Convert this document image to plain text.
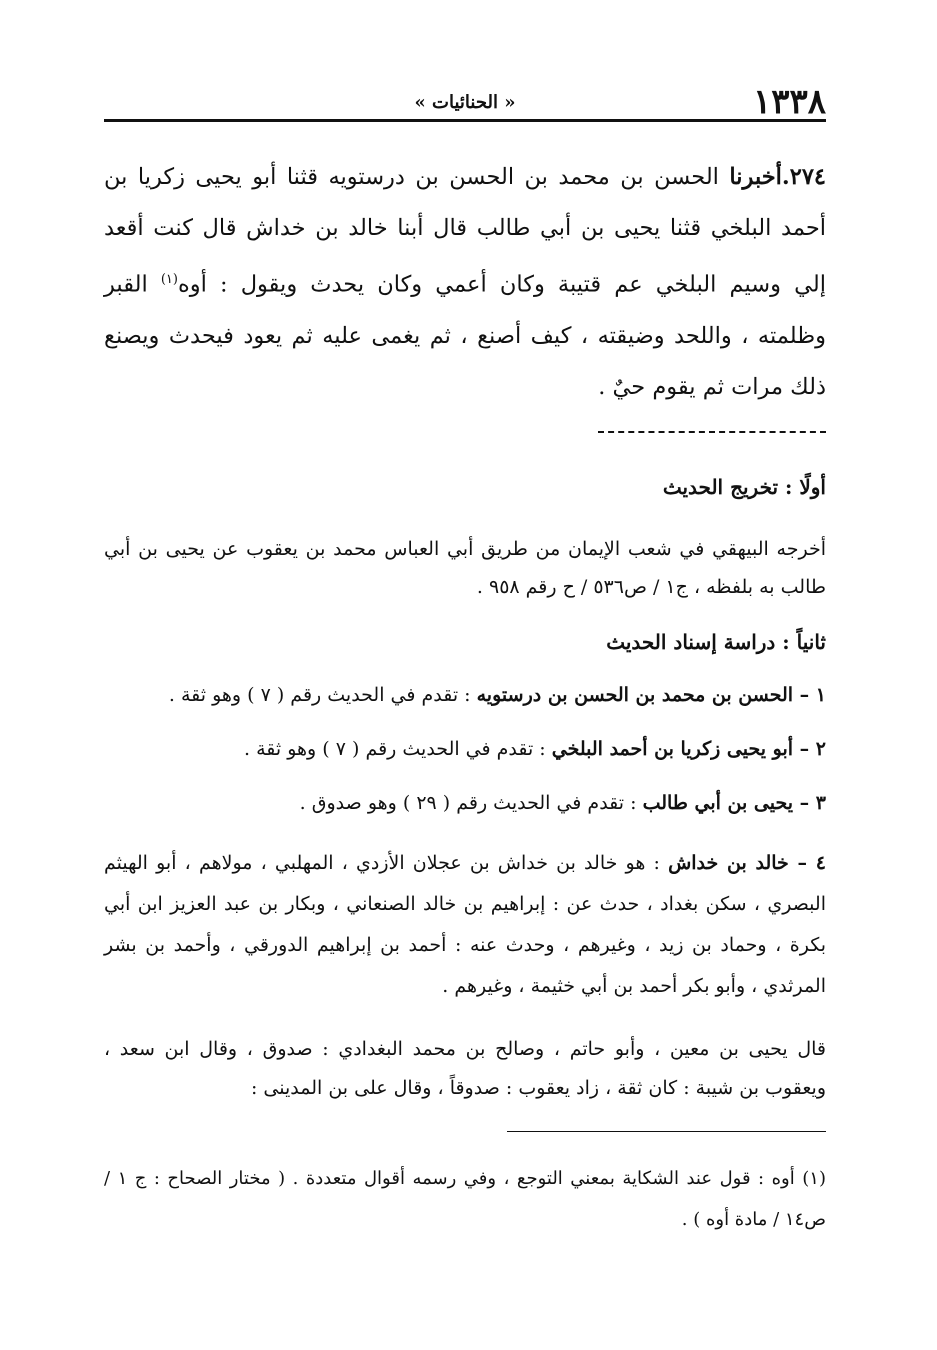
١٣٣٨
« الحنائيات »
٢٧٤.أخبرنا الحسن بن محمد بن الحسن بن درستويه قثنا أبو يحيى زكريا بن أحمد البلخي قثنا يحيى بن أبي طالب قال أبنا خالد بن خداش قال كنت أقعد إلي وسيم البلخي عم قتيبة وكان أعمي وكان يحدث ويقول : أوه$^{(١)}$ القبر وظلمته ، واللحد وضيقته ، كيف أصنع ، ثم يغمى عليه ثم يعود فيحدث ويصنع ذلك مرات ثم يقوم حيٌ .
أولًا : تخريج الحديث
أخرجه البيهقي في شعب الإيمان من طريق أبي العباس محمد بن يعقوب عن يحيى بن أبي طالب به بلفظه ، ج١ / ص٥٣٦ / ح رقم ٩٥٨ .
ثانياً : دراسة إسناد الحديث
١ – الحسن بن محمد بن الحسن بن درستويه : تقدم في الحديث رقم ( ٧ ) وهو ثقة .
٢ – أبو يحيى زكريا بن أحمد البلخي : تقدم في الحديث رقم ( ٧ ) وهو ثقة .
٣ – يحيى بن أبي طالب : تقدم في الحديث رقم ( ٢٩ ) وهو صدوق .
٤ – خالد بن خداش : هو خالد بن خداش بن عجلان الأزدي ، المهلبي ، مولاهم ، أبو الهيثم البصري ، سكن بغداد ، حدث عن : إبراهيم بن خالد الصنعاني ، وبكار بن عبد العزيز ابن أبي بكرة ، وحماد بن زيد ، وغيرهم ، وحدث عنه : أحمد بن إبراهيم الدورقي ، وأحمد بن بشر المرثدي ، وأبو بكر أحمد بن أبي خثيمة ، وغيرهم .
قال يحيى بن معين ، وأبو حاتم ، وصالح بن محمد البغدادي : صدوق ، وقال ابن سعد ، ويعقوب بن شيبة : كان ثقة ، زاد يعقوب : صدوقاً ، وقال على بن المدينى :
(١) أوه : قول عند الشكاية بمعني التوجع ، وفي رسمه أقوال متعددة . ( مختار الصحاح : ج ١ / ص١٤ / مادة أوه ) .
